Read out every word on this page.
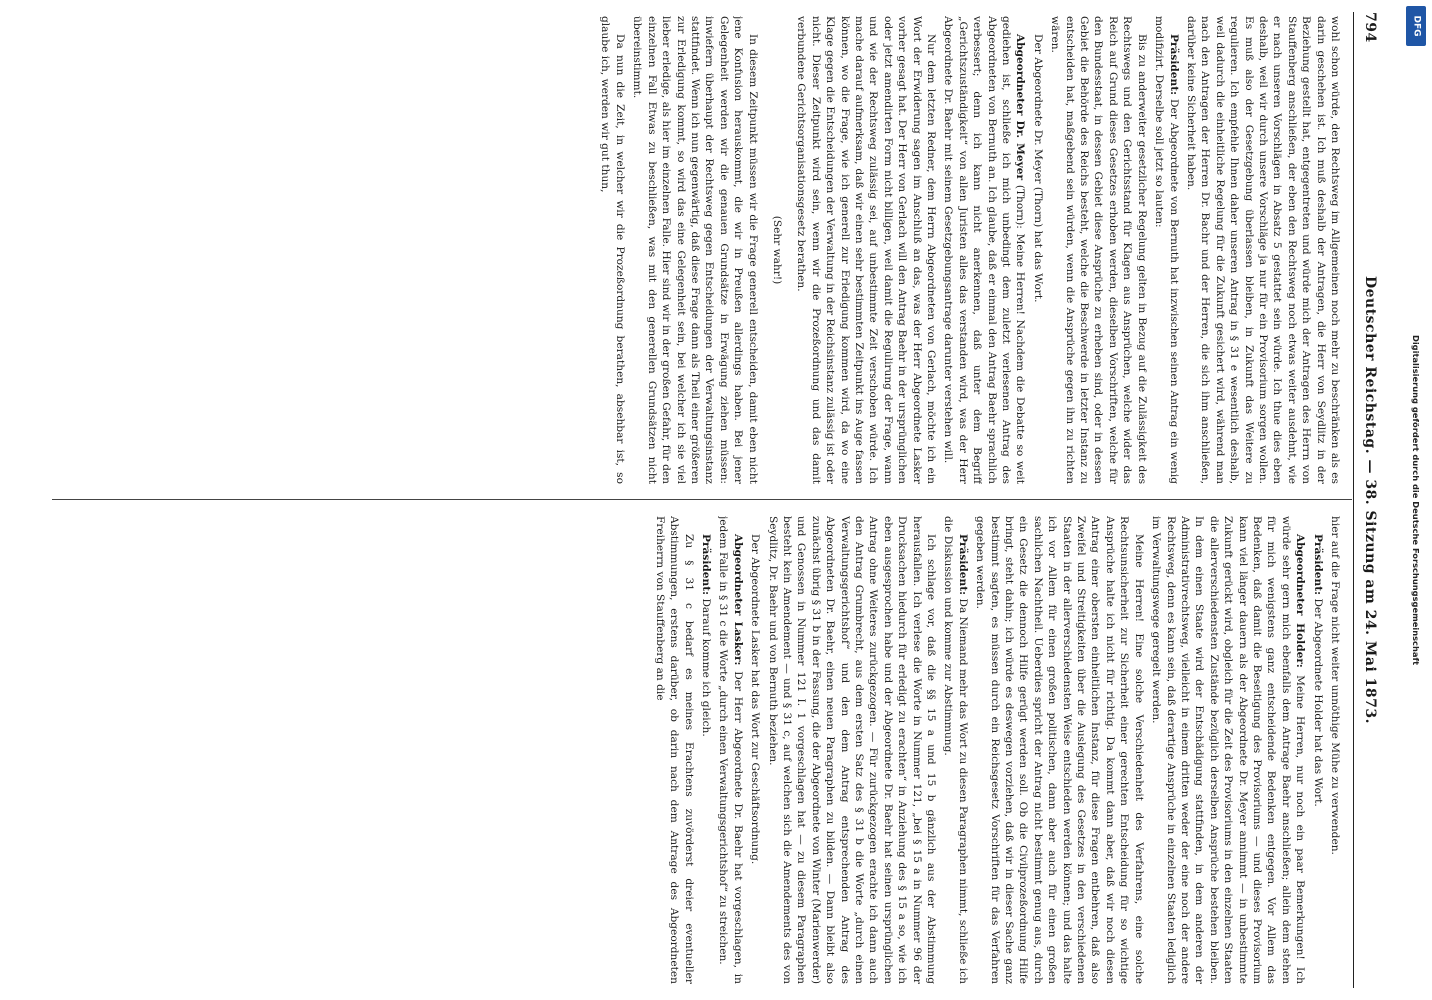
794
Deutscher Reichstag. — 38. Sitzung am 24. Mai 1873.

wohl schon würde, den Rechtsweg im Allgemeinen noch mehr zu beschränken als es darin geschehen ist. Ich muß deshalb der Antragen, die Herr von Seydlitz in der Beziehung gestellt hat, entgegentreten und würde mich der Antragen des Herrn von Stauffenberg anschließen, der eben den Rechtsweg noch etwas weiter ausdehnt, wie er nach unseren Vorschlägen in Absatz 5 gestattet sein würde. Ich thue dies eben deshalb, weil wir durch unsere Vorschläge ja nur für ein Provisorium sorgen wollen. Es muß also der Gesetzgebung überlassen bleiben, in Zukunft das Weitere zu regulieren. Ich empfehle Ihnen daher unseren Antrag in § 31 e wesentlich deshalb, weil dadurch die einheitliche Regelung für die Zukunft gesichert wird, während man nach den Antragen der Herren Dr. Bachr und der Herren, die sich ihm anschließen, darüber keine Sicherheit haben.

Präsident: Der Abgeordnete von Bernuth hat inzwischen seinen Antrag ein wenig modifizirt. Derselbe soll jetzt so lauten:

Bis zu anderweiter gesetzlicher Regelung gelten in Bezug auf die Zulässigkeit des Rechtswegs und den Gerichtsstand für Klagen aus Ansprüchen, welche wider das Reich auf Grund dieses Gesetzes erhoben werden, dieselben Vorschriften, welche für den Bundesstaat, in dessen Gebiet diese Ansprüche zu erheben sind, oder in dessen Gebiet die Behörde des Reichs besteht, welche die Beschwerde in letzter Instanz zu entscheiden hat, maßgebend sein würden, wenn die Ansprüche gegen ihn zu richten wären.

Der Abgeordnete Dr. Meyer (Thorn) hat das Wort.

Abgeordneter Dr. Meyer (Thorn): Meine Herren! Nachdem die Debatte so weit gediehen ist, schließe ich mich unbedingt dem zuletzt verlesenen Antrag des Abgeordneten von Bernuth an. Ich glaube, daß er einmal den Antrag Baehr sprachlich verbessert; denn ich kann nicht anerkennen, daß unter dem Begriff „Gerichtszuständigkeit“ von allen Juristen alles das verstanden wird, was der Herr Abgeordnete Dr. Baehr mit seinem Gesetzgebungsantrage darunter verstehen will.

Nur dem letzten Redner, dem Herrn Abgeordneten von Gerlach, möchte ich ein Wort der Erwiderung sagen im Anschluß an das, was der Herr Abgeordnete Lasker vorher gesagt hat. Der Herr von Gerlach will den Antrag Baehr in der ursprünglichen oder jetzt amendirten Form nicht billigen, weil damit die Regulirung der Frage, wann und wie der Rechtsweg zulässig sei, auf unbestimmte Zeit verschoben würde. Ich mache darauf aufmerksam, daß wir einen sehr bestimmten Zeitpunkt ins Auge fassen können, wo die Frage, wie ich generell zur Erledigung kommen wird, da wo eine Klage gegen die Entscheidungen der Verwaltung in der Reichsinstanz zulässig ist oder nicht. Dieser Zeitpunkt wird sein, wenn wir die Prozeßordnung und das damit verbundene Gerichtsorganisationsgesetz berathen.

(Sehr wahr!)

In diesem Zeitpunkt müssen wir die Frage generell entscheiden, damit eben nicht jene Konfusion herauskommt, die wir in Preußen allerdings haben. Bei jener Gelegenheit werden wir die genauen Grundsätze in Erwägung ziehen müssen: inwiefern überhaupt der Rechtsweg gegen Entscheidungen der Verwaltungsinstanz stattfindet. Wenn ich nun gegenwärtig, daß diese Frage dann als Theil einer größeren zur Erledigung kommt, so wird das eine Gelegenheit sein, bei welcher ich sie viel lieber erledige, als hier im einzelnen Falle. Hier sind wir in der großen Gefahr, für den einzelnen Fall Etwas zu beschließen, was mit den generellen Grundsätzen nicht übereinstimmt.

Da nun die Zeit, in welcher wir die Prozeßordnung berathen, absehbar ist, so glaube ich, werden wir gut thun,

hier auf die Frage nicht weiter unnöthige Mühe zu verwenden.

Präsident: Der Abgeordnete Holder hat das Wort.

Abgeordneter Holder: Meine Herren, nur noch ein paar Bemerkungen! Ich würde sehr gern mich ebenfalls dem Antrage Baehr anschließen; allein dem stehen für mich wenigstens ganz entscheidende Bedenken entgegen. Vor Allem das Bedenken, daß damit die Beseitigung des Provisoriums — und dieses Provisorium kann viel länger dauern als der Abgeordnete Dr. Meyer annimmt — in unbestimmte Zukunft gerückt wird, obgleich für die Zeit des Provisoriums in den einzelnen Staaten die allerverschiedensten Zustände bezüglich derselben Ansprüche bestehen bleiben. In dem einen Staate wird der Entschädigung stattfinden, in dem anderen der Administrativrechtsweg, vielleicht in einem dritten weder der eine noch der andere Rechtsweg, denn es kann sein, daß derartige Ansprüche in einzelnen Staaten lediglich im Verwaltungswege geregelt werden.

Meine Herren! Eine solche Verschiedenheit des Verfahrens, eine solche Rechtsunsicherheit zur Sicherheit einer gerechten Entscheidung für so wichtige Ansprüche halte ich nicht für richtig. Da kommt dann aber, daß wir noch diesen Antrag einer obersten einheitlichen Instanz, für diese Fragen entbehren, daß also Zweifel und Streitigkeiten über die Auslegung des Gesetzes in den verschiedenen Staaten in der allerverschiedensten Weise entschieden werden können; und das halte ich vor Allem für einen großen politischen, dann aber auch für einen großen sachlichen Nachtheil. Ueberdies spricht der Antrag nicht bestimmt genug aus, durch ein Gesetz die dennoch Hilfe gerügt werden soll. Ob die Civilprozeßordnung Hilfe bringt, steht dahin; ich würde es deswegen vorziehen, daß wir in dieser Sache ganz bestimmt sagten, es müssen durch ein Reichsgesetz Vorschriften für das Verfahren gegeben werden.

Präsident: Da Niemand mehr das Wort zu diesen Paragraphen nimmt, schließe ich die Diskussion und komme zur Abstimmung.

Ich schlage vor, daß die §§ 15 a und 15 b gänzlich aus der Abstimmung herausfallen. Ich verlese die Worte in Nummer 121, „bei § 15 a in Nummer 96 der Drucksachen hiedurch für erledigt zu erachten“ in Anziehung des § 15 a so, wie ich eben ausgesprochen habe und der Abgeordnete Dr. Baehr hat seinen ursprünglichen Antrag ohne Weiteres zurückgezogen. — Für zurückgezogen erachte ich dann auch den Antrag Grumbrecht, aus dem ersten Satz des § 31 b die Worte „durch einen Verwaltungsgerichtshof“ und den dem Antrag entsprechenden Antrag des Abgeordneten Dr. Baehr, einen neuen Paragraphen zu bilden. — Dann bleibt also zunächst übrig § 31 b in der Fassung, die der Abgeordnete von Winter (Marienwerder) und Genossen in Nummer 121 I. 1 vorgeschlagen hat — zu diesem Paragraphen besteht kein Amendement — und § 31 c, auf welchen sich die Amendements des von Seydlitz, Dr. Baehr und von Bernuth beziehen.

Der Abgeordnete Lasker hat das Wort zur Geschäftsordnung.

Abgeordneter Lasker: Der Herr Abgeordnete Dr. Baehr hat vorgeschlagen, in jedem Falle in § 31 c die Worte „durch einen Verwaltungsgerichtshof“ zu streichen.

Präsident: Darauf komme ich gleich.

Zu § 31 c bedarf es meines Erachtens zuvörderst dreier eventueller Abstimmungen, erstens darüber, ob darin nach dem Antrage des Abgeordneten Freiherrn von Stauffenberg an die	Digitalisierung gefördert durch die Deutsche Forschungsgemeinschaft
DFG
